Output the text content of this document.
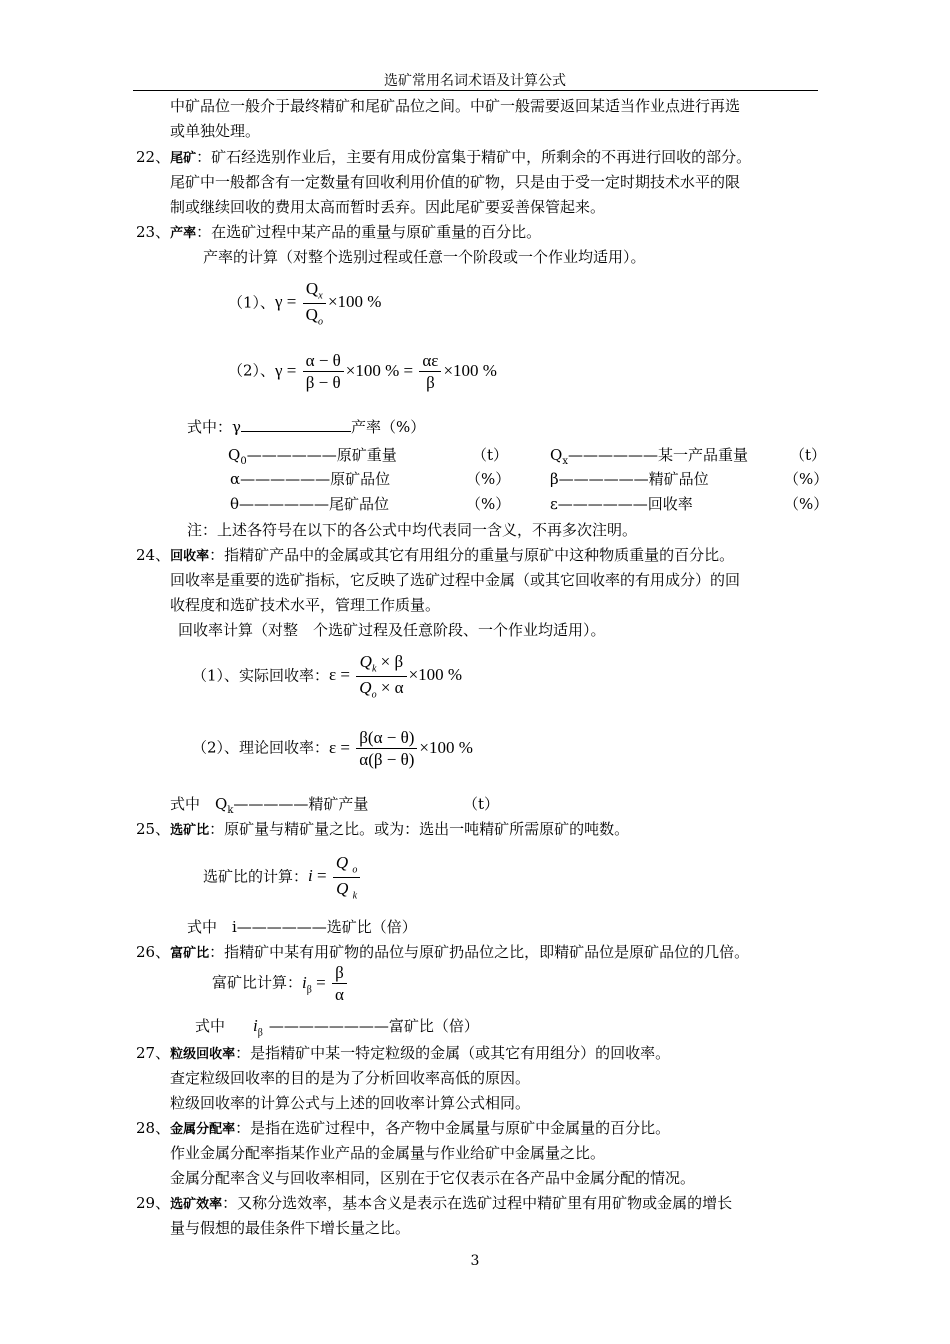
选矿常用名词术语及计算公式
中矿品位一般介于最终精矿和尾矿品位之间。中矿一般需要返回某适当作业点进行再选
或单独处理。
22、尾矿：矿石经选别作业后，主要有用成份富集于精矿中，所剩余的不再进行回收的部分。
尾矿中一般都含有一定数量有回收利用价值的矿物，只是由于受一定时期技术水平的限
制或继续回收的费用太高而暂时丢弃。因此尾矿要妥善保管起来。
23、产率：在选矿过程中某产品的重量与原矿重量的百分比。
产率的计算（对整个选别过程或任意一个阶段或一个作业均适用）。
（1）、$\gamma = \frac{Q_x}{Q_o} \times 100$ %
（2）、$\gamma = \frac{\alpha - \theta}{\beta - \theta} \times 100$ % = $\frac{\alpha\varepsilon}{\beta} \times 100$ %
式中：γ	产率（%）
$Q_0——————$原矿重量	（t）	$Q_x——————$某一产品重量	（t）
α——————原矿品位	（%）	β——————精矿品位	（%）
θ——————尾矿品位	（%）	ε——————回收率	（%）
注：上述各符号在以下的各公式中均代表同一含义，不再多次注明。
24、回收率：指精矿产品中的金属或其它有用组分的重量与原矿中这种物质重量的百分比。
回收率是重要的选矿指标，它反映了选矿过程中金属（或其它回收率的有用成分）的回
收程度和选矿技术水平，管理工作质量。
回收率计算（对整　个选矿过程及任意阶段、一个作业均适用）。
（1）、实际回收率：$\varepsilon = \frac{Q_k \times \beta}{Q_o \times \alpha} \times 100$ %
（2）、理论回收率：$\varepsilon = \frac{\beta(\alpha - \theta)}{\alpha(\beta - \theta)} \times 100$ %
式中　$Q_k—————$精矿产量	（t）
25、选矿比：原矿量与精矿量之比。或为：选出一吨精矿所需原矿的吨数。
选矿比的计算：$i = \frac{Q _o}{Q _k}$
式中　i——————选矿比（倍）
26、富矿比：指精矿中某有用矿物的品位与原矿扔品位之比，即精矿品位是原矿品位的几倍。
富矿比计算：$i_\beta = \frac{\beta}{\alpha}$
式中 $i_\beta$ ————————富矿比（倍）
27、粒级回收率：是指精矿中某一特定粒级的金属（或其它有用组分）的回收率。
查定粒级回收率的目的是为了分析回收率高低的原因。
粒级回收率的计算公式与上述的回收率计算公式相同。
28、金属分配率：是指在选矿过程中，各产物中金属量与原矿中金属量的百分比。
作业金属分配率指某作业产品的金属量与作业给矿中金属量之比。
金属分配率含义与回收率相同，区别在于它仅表示在各产品中金属分配的情况。
29、选矿效率：又称分选效率，基本含义是表示在选矿过程中精矿里有用矿物或金属的增长
量与假想的最佳条件下增长量之比。
3
